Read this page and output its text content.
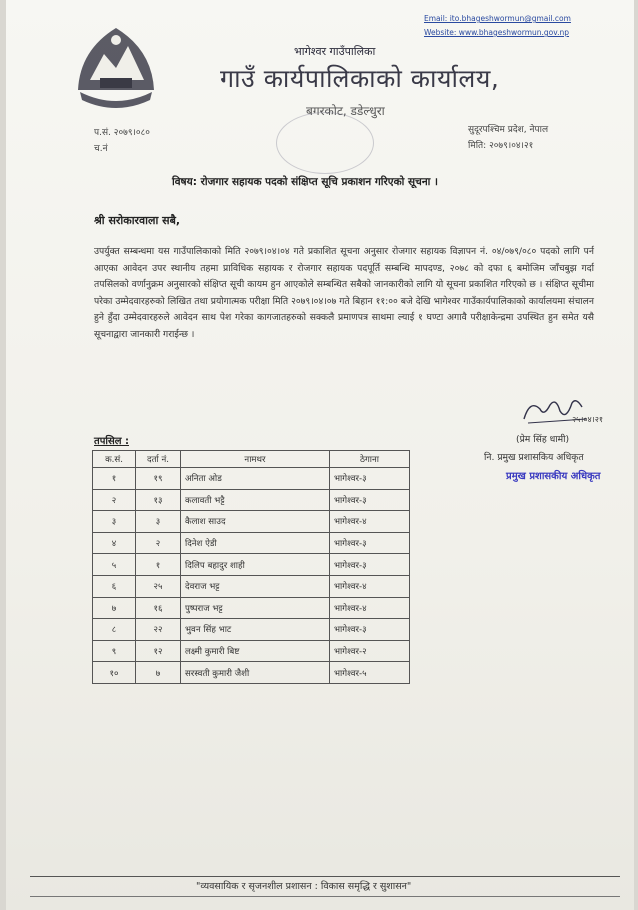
Email: ito.bhageshwormun@gmail.com
Website: www.bhageshwormun.gov.np
भागेश्वर गाउँपालिका
गाउँ कार्यपालिकाको कार्यालय,
बगरकोट, डडेल्धुरा
प.सं. २०७९।०८०
च.नं
सुदूरपश्चिम प्रदेश, नेपाल
मिति: २०७९।०४।२१
विषय: रोजगार सहायक पदको संक्षिप्त सूचि प्रकाशन गरिएको सूचना ।
श्री सरोकारवाला सबै,
उपर्युक्त सम्बन्धमा यस गाउँपालिकाको मिति २०७९।०४।०४ गते प्रकाशित सूचना अनुसार रोजगार सहायक विज्ञापन नं. ०४/०७९/०८० पदको लागि पर्न आएका आवेदन उपर स्थानीय तहमा प्राविधिक सहायक र रोजगार सहायक पदपूर्ति सम्बन्धि मापदण्ड, २०७८ को दफा ६ बमोजिम जाँचबुझ गर्दा तपसिलको वर्णानुक्रम अनुसारको संक्षिप्त सूची कायम हुन आएकोले सम्बन्धित सबैको जानकारीको लागि यो सूचना प्रकाशित गरिएको छ । संक्षिप्त सूचीमा परेका उम्मेदवारहरुको लिखित तथा प्रयोगात्मक परीक्षा मिति २०७९।०४।०७ गते बिहान ११:०० बजे देखि भागेश्वर गाउँकार्यपालिकाको कार्यालयमा संचालन हुने हुँदा उम्मेदवारहरुले आवेदन साथ पेश गरेका कागजातहरुको सक्कलै प्रमाणपत्र साथमा ल्याई १ घण्टा अगावै परीक्षाकेन्द्रमा उपस्थित हुन समेत यसै सूचनाद्वारा जानकारी गराईन्छ ।
२५।०४।२१
(प्रेम सिंह धामी)
नि. प्रमुख प्रशासकिय अधिकृत
प्रमुख प्रशासकीय अधिकृत
तपसिल :
क.सं.	दर्ता नं.	नामथर	ठेगाना
१	१९	अनिता ओड	भागेश्वर-३
२	१३	कलावती भट्टै	भागेश्वर-३
३	३	कैलाश साउद	भागेश्वर-४
४	२	दिनेश ऐडी	भागेश्वर-३
५	१	दिलिप बहादुर शाही	भागेश्वर-३
६	२५	देवराज भट्ट	भागेश्वर-४
७	१६	पुष्पराज भट्ट	भागेश्वर-४
८	२२	भुवन सिंह भाट	भागेश्वर-३
९	१२	लक्ष्मी कुमारी बिष्ट	भागेश्वर-२
१०	७	सरस्वती कुमारी जैशी	भागेश्वर-५
"व्यवसायिक र सृजनशील प्रशासन : विकास समृद्धि र सुशासन"
